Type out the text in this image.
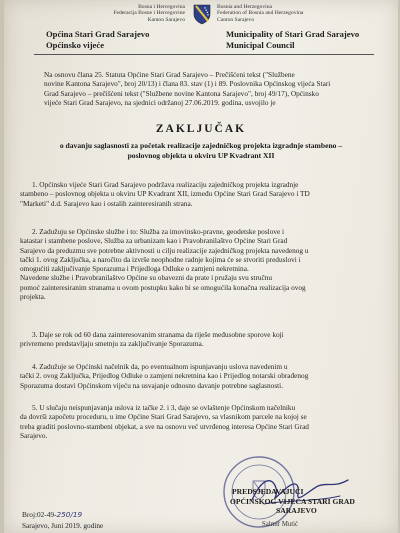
Bosna i Hercegovina
Federacija Bosne i Hercegovine
Kanton Sarajevo
Bosnia and Herzegovina
Federation of Bosnia and Herzegovina
Canton Sarajevo
Općina Stari Grad Sarajevo
Općinsko vijeće
Municipality of Stari Grad Sarajevo
Municipal Council
Na osnovu člana 25. Statuta Općine Stari Grad Sarajevo – Prečišćeni tekst ("Službene
novine Kantona Sarajevo", broj 20/13) i člana 83. stav (1) i 89. Poslovnika Općinskog vijeća Stari
Grad Sarajevo – prečišćeni tekst ("Službene novine Kantona Sarajevo", broj 49/17), Općinsko
vijeće Stari Grad Sarajevo, na sjednici održanoj 27.06.2019. godina, usvojilo je
ZAKLJUČAK
o davanju saglasnosti za početak realizacije zajedničkog projekta izgradnje stambeno –
poslovnog objekta u okviru UP Kvadrant XII
1. Općinsko vijeće Stari Grad Sarajevo podržava realizaciju zajedničkog projekta izgradnje
stambeno – poslovnog objekta u okviru UP Kvadrant XII, između Općine Stari Grad Sarajevo i TD
"Marketi" d.d. Sarajevo kao i ostalih zainteresiranih strana.
2. Zadužuju se Općinske službe i to: Služba za imovinsko-pravne, geodetske poslove i
katastar i stambene poslove, Služba za urbanizam kao i Pravobranilaštvo Općine Stari Grad
Sarajevo da preduzmu sve potrebne aktivnosti u cilju realizacije zajedničkog projekta navedenog u
tački 1. ovog Zaključka, a naročito da izvrše neophodne radnje kojima će se stvoriti preduslovi i
omogućiti zaključivanje Sporazuma i Prijedloga Odluke o zamjeni nekretnina.
Navedene službe i Pravobranilaštvo Općine su obavezni da prate i pružaju svu stručnu
pomoć zainteresiranim stranama u ovom postupku kako bi se omogućila konačna realizacija ovog
projekta.
3. Daje se rok od 60 dana zainteresovanim stranama da riješe međusobne sporove koji
privremeno predstavljaju smetnju za zaključivanje Sporazuma.
4. Zadužuje se Općinski načelnik da, po eventualnom ispunjavanju uslova navedenim u
tački 2. ovog Zaključka, Prijedlog Odluke o zamjeni nekretnina kao i Prijedlog notarski obrađenog
Sporazuma dostavi Općinskom vijeću na usvajanje odnosno davanje potrebne saglasnosti.
5. U slučaju neispunjavanja uslova iz tačke 2. i 3, daje se ovlaštenje Općinskom načelniku
da dovrši započetu proceduru, u ime Općine Stari Grad Sarajevo, sa vlasnikom parcele na kojoj se
treba graditi poslovno-stambeni objekat, a sve na osnovu već utvrđenog interesa Općine Stari Grad
Sarajevo.
PREDSJEDAVAJUĆI
OPĆINSKOG VIJEĆA STARI GRAD
SARAJEVO
Salmir Mutić
Broj:02-49-250/19
Sarajevo, Juni 2019. godine
